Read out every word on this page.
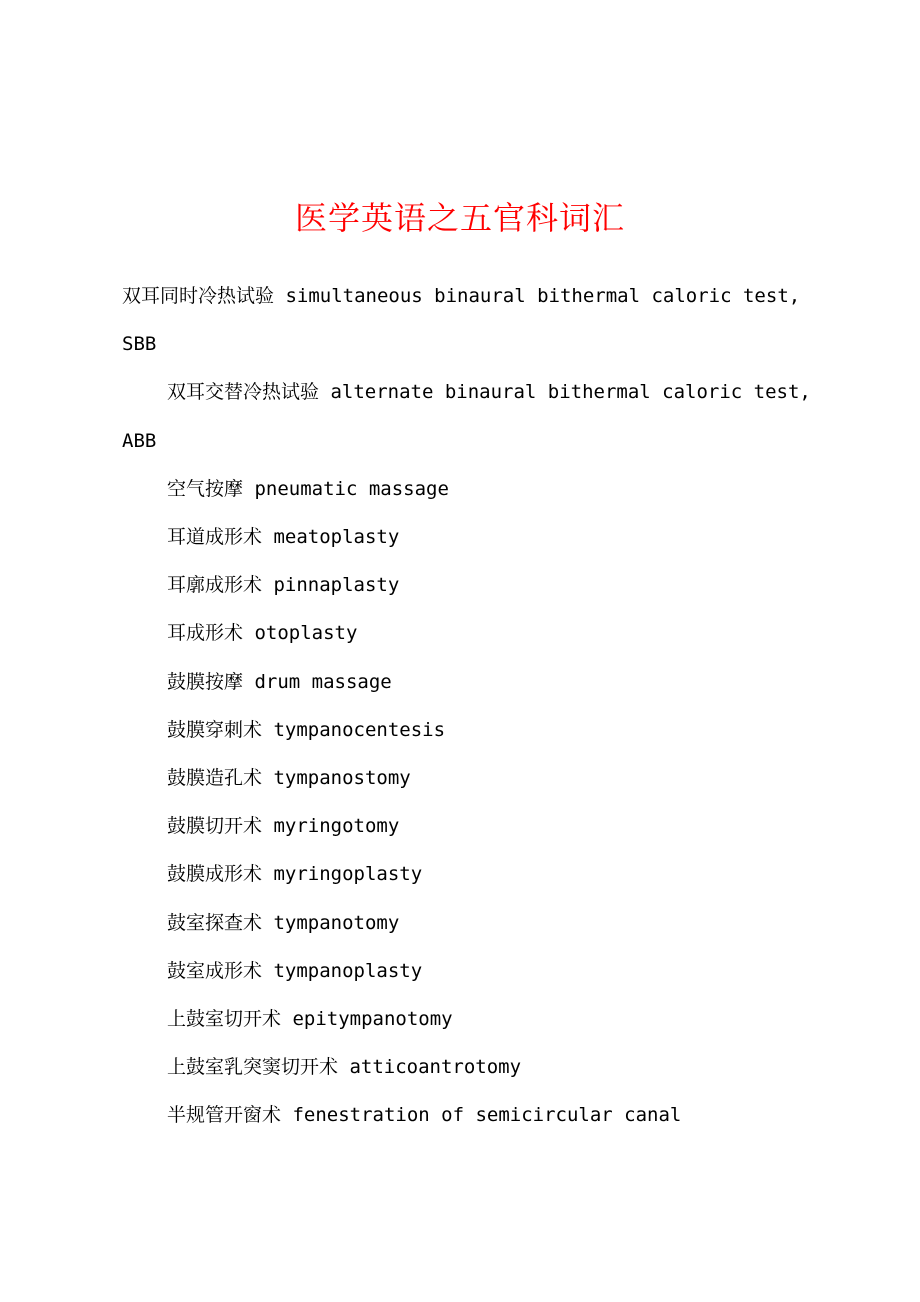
医学英语之五官科词汇

双耳同时冷热试验 simultaneous binaural bithermal caloric test,

SBB

双耳交替冷热试验 alternate binaural bithermal caloric test,

ABB

空气按摩 pneumatic massage

耳道成形术 meatoplasty

耳廓成形术 pinnaplasty

耳成形术 otoplasty

鼓膜按摩 drum massage

鼓膜穿刺术 tympanocentesis

鼓膜造孔术 tympanostomy

鼓膜切开术 myringotomy

鼓膜成形术 myringoplasty

鼓室探查术 tympanotomy

鼓室成形术 tympanoplasty

上鼓室切开术 epitympanotomy

上鼓室乳突窦切开术 atticoantrotomy

半规管开窗术 fenestration of semicircular canal
